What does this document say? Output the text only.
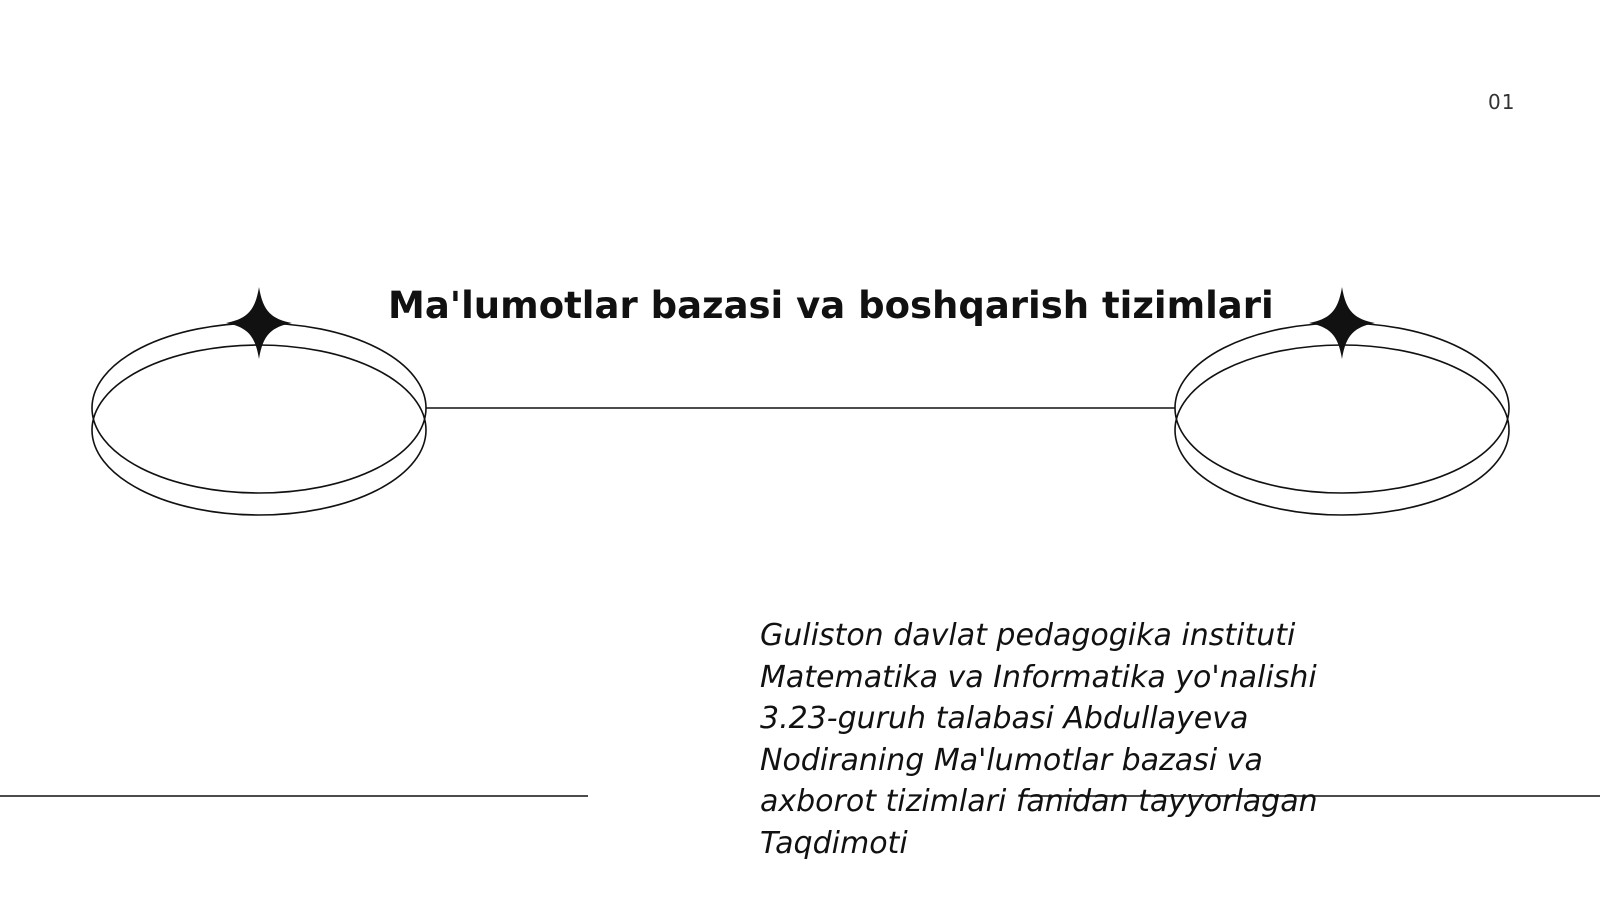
01
Ma'lumotlar bazasi va boshqarish tizimlari
Guliston davlat pedagogika instituti
Matematika va Informatika yo'nalishi
3.23-guruh talabasi Abdullayeva
Nodiraning Ma'lumotlar bazasi va
axborot tizimlari fanidan tayyorlagan
Taqdimoti
